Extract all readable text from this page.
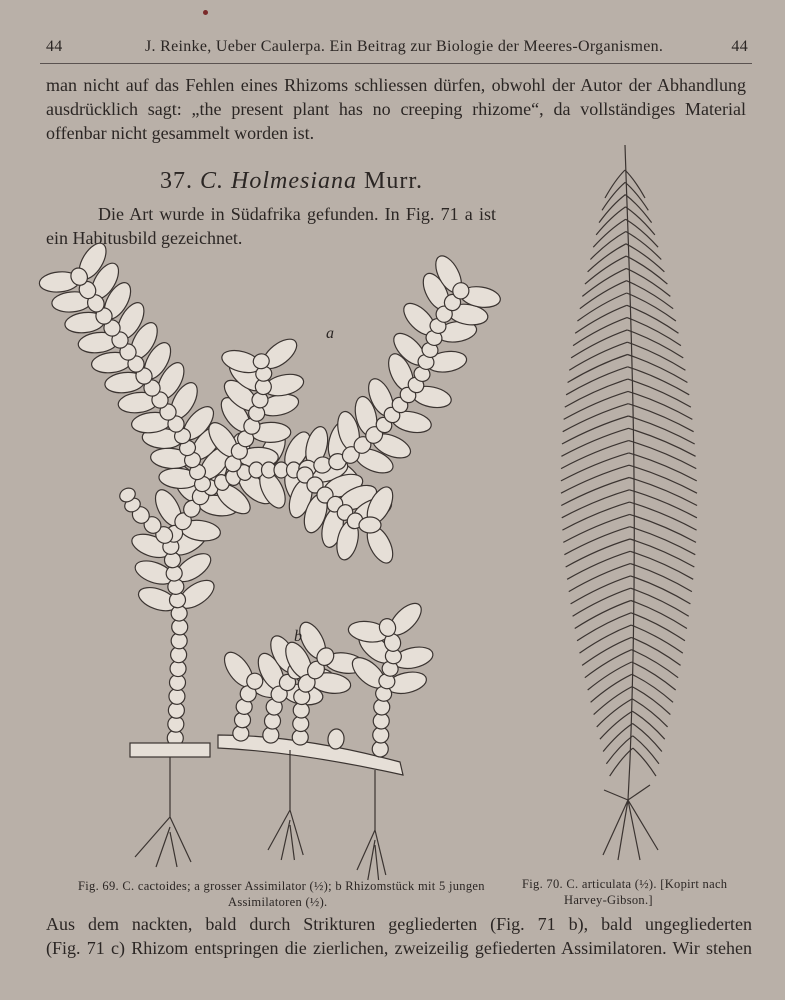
44	J. Reinke, Ueber Caulerpa. Ein Beitrag zur Biologie der Meeres-Organismen.	44
man nicht auf das Fehlen eines Rhizoms schliessen dürfen, obwohl der Autor der Abhandlung
ausdrücklich sagt: „the present plant has no creeping rhizome“, da vollständiges Material
offenbar nicht gesammelt worden ist.
37. C. Holmesiana Murr.
Die Art wurde in Südafrika gefunden. In Fig. 71 a ist
ein Habitusbild gezeichnet.
a
b
Fig. 69. C. cactoides; a grosser Assimilator (½); b Rhizomstück mit 5 jungen
Assimilatoren (½).
Fig. 70. C. articulata (½). [Kopirt nach
Harvey-Gibson.]
Aus dem nackten, bald durch Strikturen gegliederten (Fig. 71 b), bald ungegliederten
(Fig. 71 c) Rhizom entspringen die zierlichen, zweizeilig gefiederten Assimilatoren. Wir stehen
